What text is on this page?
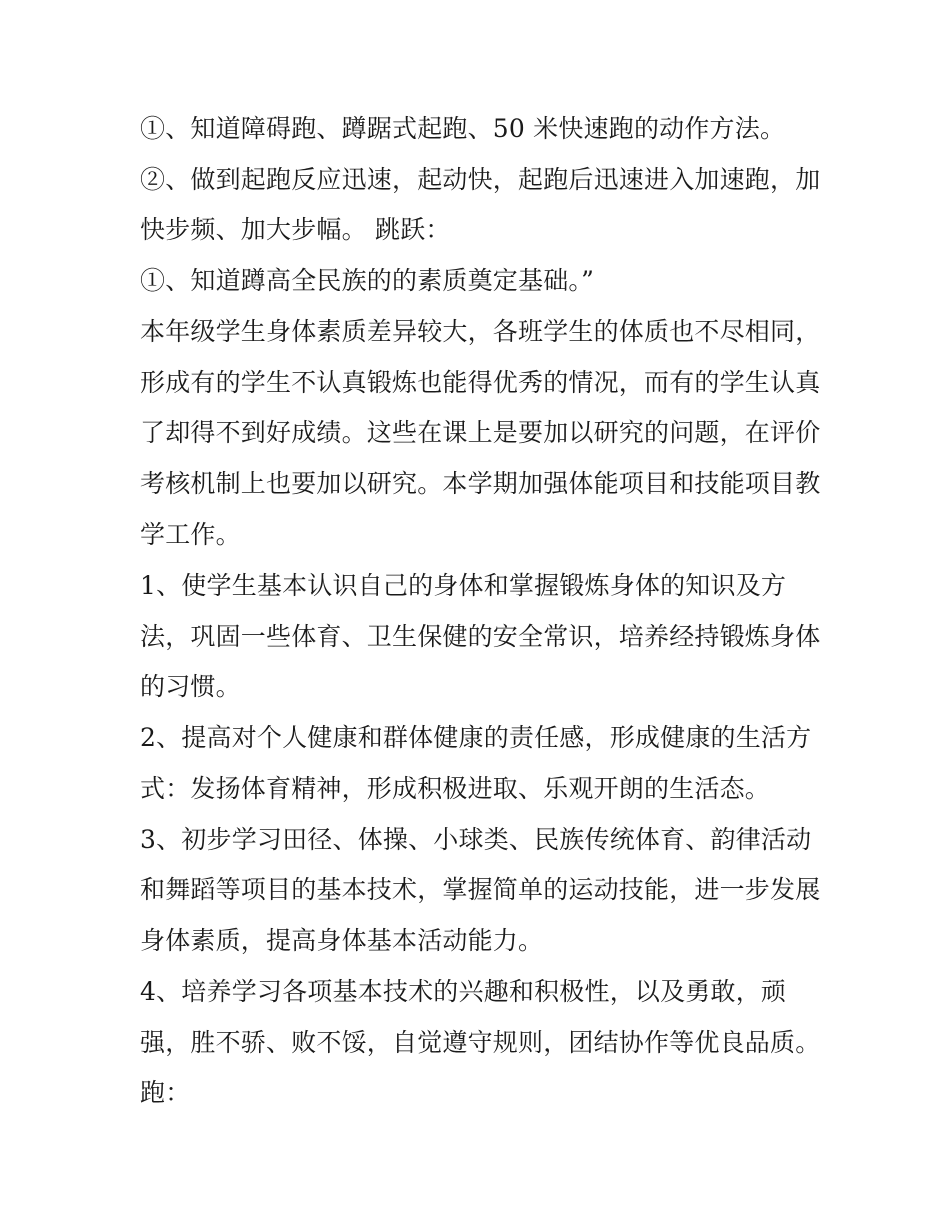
①、知道障碍跑、蹲踞式起跑、50 米快速跑的动作方法。
②、做到起跑反应迅速，起动快，起跑后迅速进入加速跑，加
快步频、加大步幅。 跳跃：
①、知道蹲高全民族的的素质奠定基础。”
本年级学生身体素质差异较大，各班学生的体质也不尽相同，
形成有的学生不认真锻炼也能得优秀的情况，而有的学生认真
了却得不到好成绩。这些在课上是要加以研究的问题，在评价
考核机制上也要加以研究。本学期加强体能项目和技能项目教
学工作。
1、使学生基本认识自己的身体和掌握锻炼身体的知识及方
法，巩固一些体育、卫生保健的安全常识，培养经持锻炼身体
的习惯。
2、提高对个人健康和群体健康的责任感，形成健康的生活方
式：发扬体育精神，形成积极进取、乐观开朗的生活态。
3、初步学习田径、体操、小球类、民族传统体育、韵律活动
和舞蹈等项目的基本技术，掌握简单的运动技能，进一步发展
身体素质，提高身体基本活动能力。
4、培养学习各项基本技术的兴趣和积极性，以及勇敢，顽
强，胜不骄、败不馁，自觉遵守规则，团结协作等优良品质。
跑：
